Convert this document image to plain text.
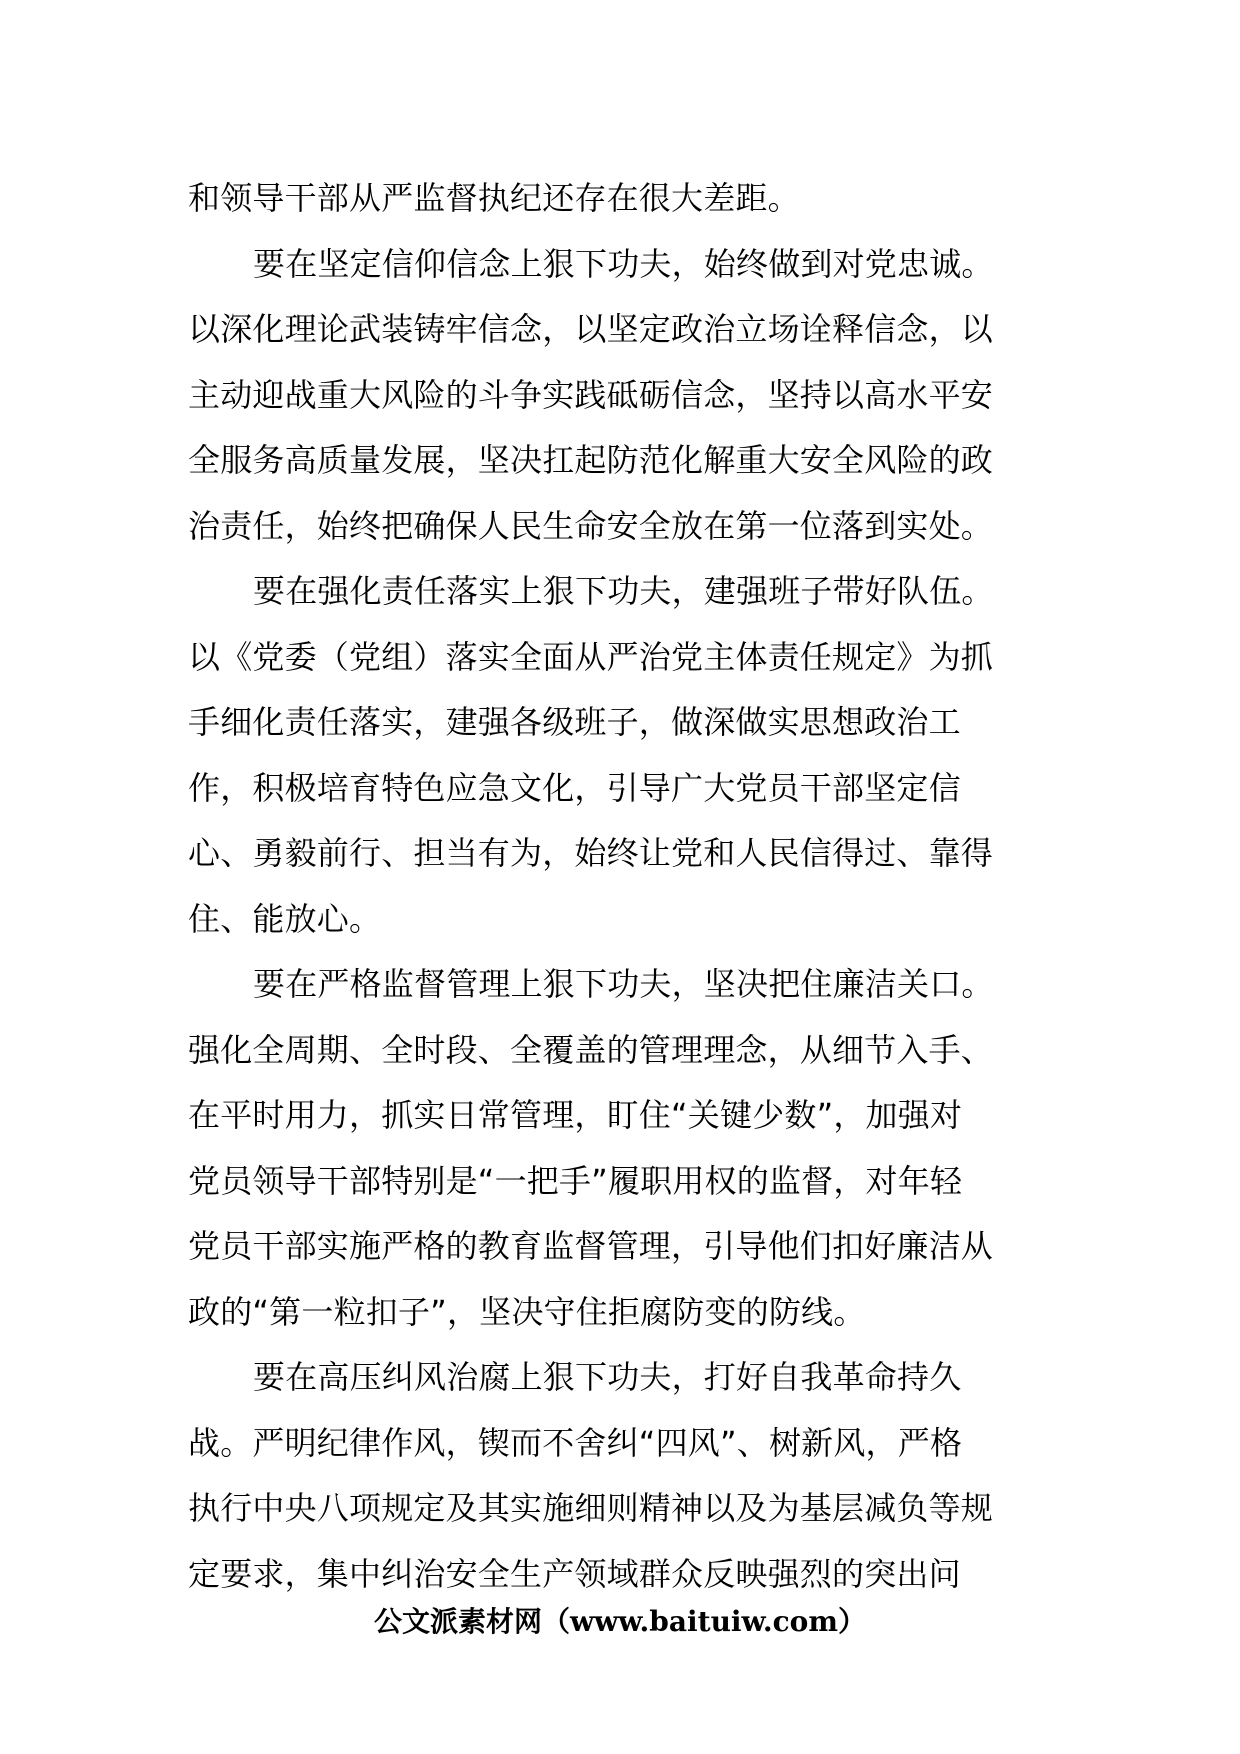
和领导干部从严监督执纪还存在很大差距。
要在坚定信仰信念上狠下功夫，始终做到对党忠诚。
以深化理论武装铸牢信念，以坚定政治立场诠释信念，以
主动迎战重大风险的斗争实践砥砺信念，坚持以高水平安
全服务高质量发展，坚决扛起防范化解重大安全风险的政
治责任，始终把确保人民生命安全放在第一位落到实处。
要在强化责任落实上狠下功夫，建强班子带好队伍。
以《党委（党组）落实全面从严治党主体责任规定》为抓
手细化责任落实，建强各级班子，做深做实思想政治工
作，积极培育特色应急文化，引导广大党员干部坚定信
心、勇毅前行、担当有为，始终让党和人民信得过、靠得
住、能放心。
要在严格监督管理上狠下功夫，坚决把住廉洁关口。
强化全周期、全时段、全覆盖的管理理念，从细节入手、
在平时用力，抓实日常管理，盯住“关键少数”，加强对
党员领导干部特别是“一把手”履职用权的监督，对年轻
党员干部实施严格的教育监督管理，引导他们扣好廉洁从
政的“第一粒扣子”，坚决守住拒腐防变的防线。
要在高压纠风治腐上狠下功夫，打好自我革命持久
战。严明纪律作风，锲而不舍纠“四风”、树新风，严格
执行中央八项规定及其实施细则精神以及为基层减负等规
定要求，集中纠治安全生产领域群众反映强烈的突出问
公文派素材网（www.baituiw.com）
